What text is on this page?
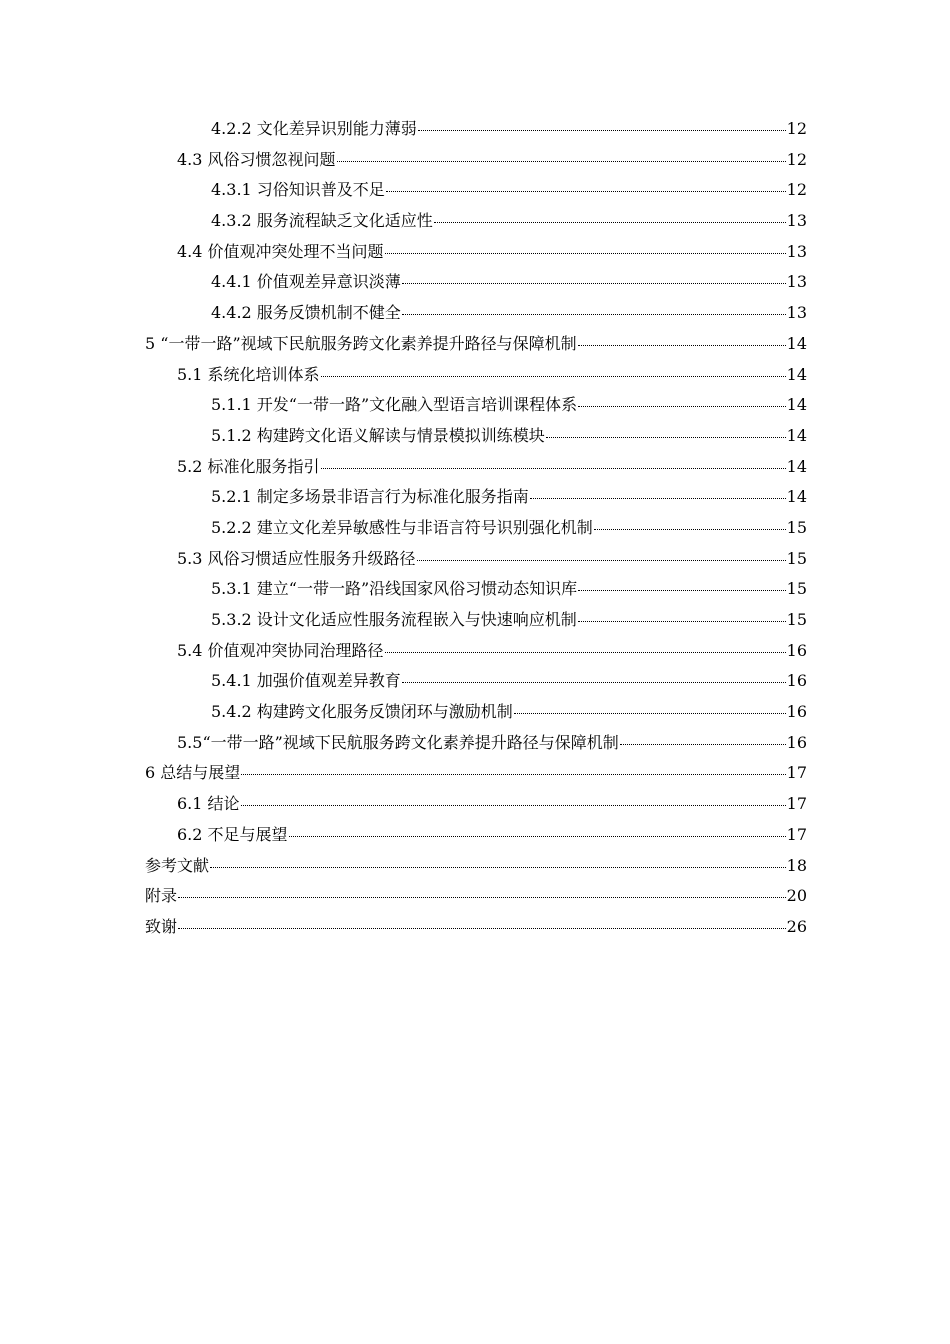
4.2.2 文化差异识别能力薄弱	12
4.3 风俗习惯忽视问题	12
4.3.1 习俗知识普及不足	12
4.3.2 服务流程缺乏文化适应性	13
4.4 价值观冲突处理不当问题	13
4.4.1 价值观差异意识淡薄	13
4.4.2 服务反馈机制不健全	13
5 “一带一路”视域下民航服务跨文化素养提升路径与保障机制	14
5.1 系统化培训体系	14
5.1.1 开发“一带一路”文化融入型语言培训课程体系	14
5.1.2 构建跨文化语义解读与情景模拟训练模块	14
5.2 标准化服务指引	14
5.2.1 制定多场景非语言行为标准化服务指南	14
5.2.2 建立文化差异敏感性与非语言符号识别强化机制	15
5.3 风俗习惯适应性服务升级路径	15
5.3.1 建立“一带一路”沿线国家风俗习惯动态知识库	15
5.3.2 设计文化适应性服务流程嵌入与快速响应机制	15
5.4 价值观冲突协同治理路径	16
5.4.1 加强价值观差异教育	16
5.4.2 构建跨文化服务反馈闭环与激励机制	16
5.5“一带一路”视域下民航服务跨文化素养提升路径与保障机制	16
6 总结与展望	17
6.1 结论	17
6.2 不足与展望	17
参考文献	18
附录	20
致谢	26
